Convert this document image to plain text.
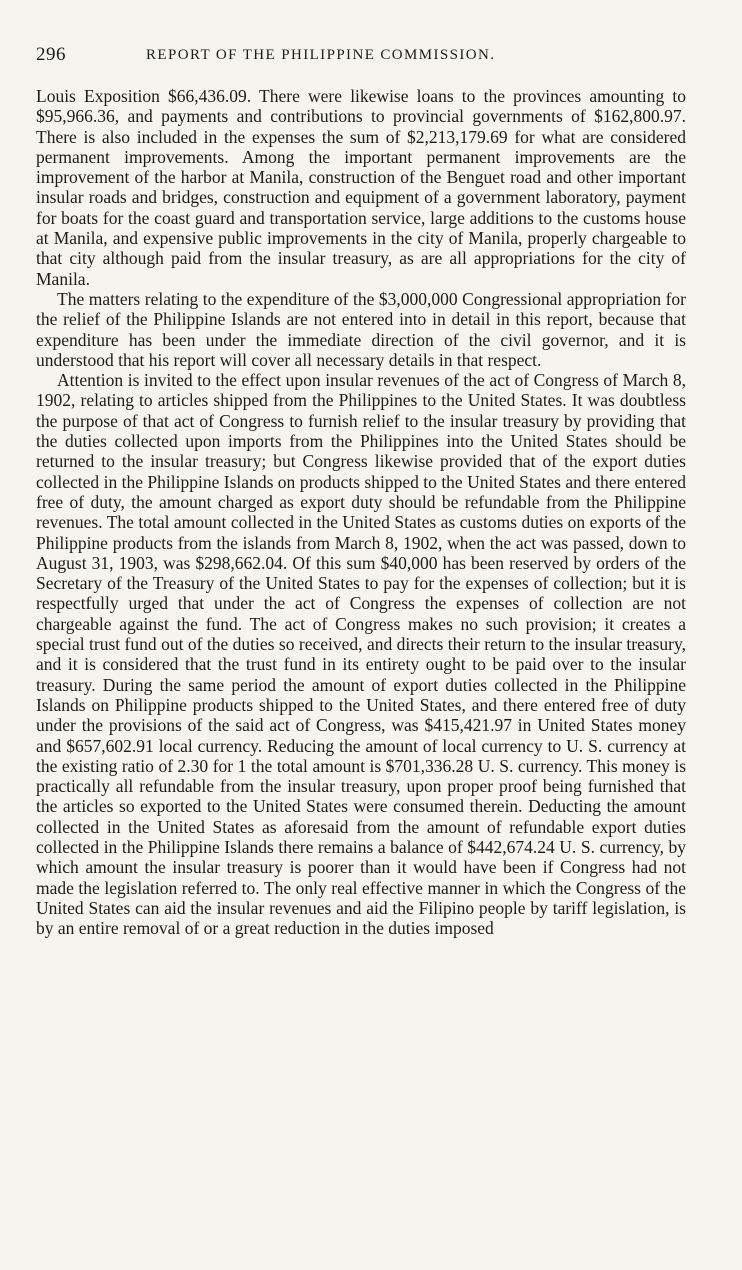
296	REPORT OF THE PHILIPPINE COMMISSION.

Louis Exposition $66,436.09. There were likewise loans to the provinces amounting to $95,966.36, and payments and contributions to provincial governments of $162,800.97. There is also included in the expenses the sum of $2,213,179.69 for what are considered permanent improvements. Among the important permanent improvements are the improvement of the harbor at Manila, construction of the Benguet road and other important insular roads and bridges, construction and equipment of a government laboratory, payment for boats for the coast guard and transportation service, large additions to the customs house at Manila, and expensive public improvements in the city of Manila, properly chargeable to that city although paid from the insular treasury, as are all appropriations for the city of Manila.

The matters relating to the expenditure of the $3,000,000 Congressional appropriation for the relief of the Philippine Islands are not entered into in detail in this report, because that expenditure has been under the immediate direction of the civil governor, and it is understood that his report will cover all necessary details in that respect.

Attention is invited to the effect upon insular revenues of the act of Congress of March 8, 1902, relating to articles shipped from the Philippines to the United States. It was doubtless the purpose of that act of Congress to furnish relief to the insular treasury by providing that the duties collected upon imports from the Philippines into the United States should be returned to the insular treasury; but Congress likewise provided that of the export duties collected in the Philippine Islands on products shipped to the United States and there entered free of duty, the amount charged as export duty should be refundable from the Philippine revenues. The total amount collected in the United States as customs duties on exports of the Philippine products from the islands from March 8, 1902, when the act was passed, down to August 31, 1903, was $298,662.04. Of this sum $40,000 has been reserved by orders of the Secretary of the Treasury of the United States to pay for the expenses of collection; but it is respectfully urged that under the act of Congress the expenses of collection are not chargeable against the fund. The act of Congress makes no such provision; it creates a special trust fund out of the duties so received, and directs their return to the insular treasury, and it is considered that the trust fund in its entirety ought to be paid over to the insular treasury. During the same period the amount of export duties collected in the Philippine Islands on Philippine products shipped to the United States, and there entered free of duty under the provisions of the said act of Congress, was $415,421.97 in United States money and $657,602.91 local currency. Reducing the amount of local currency to U. S. currency at the existing ratio of 2.30 for 1 the total amount is $701,336.28 U. S. currency. This money is practically all refundable from the insular treasury, upon proper proof being furnished that the articles so exported to the United States were consumed therein. Deducting the amount collected in the United States as aforesaid from the amount of refundable export duties collected in the Philippine Islands there remains a balance of $442,674.24 U. S. currency, by which amount the insular treasury is poorer than it would have been if Congress had not made the legislation referred to. The only real effective manner in which the Congress of the United States can aid the insular revenues and aid the Filipino people by tariff legislation, is by an entire removal of or a great reduction in the duties imposed
